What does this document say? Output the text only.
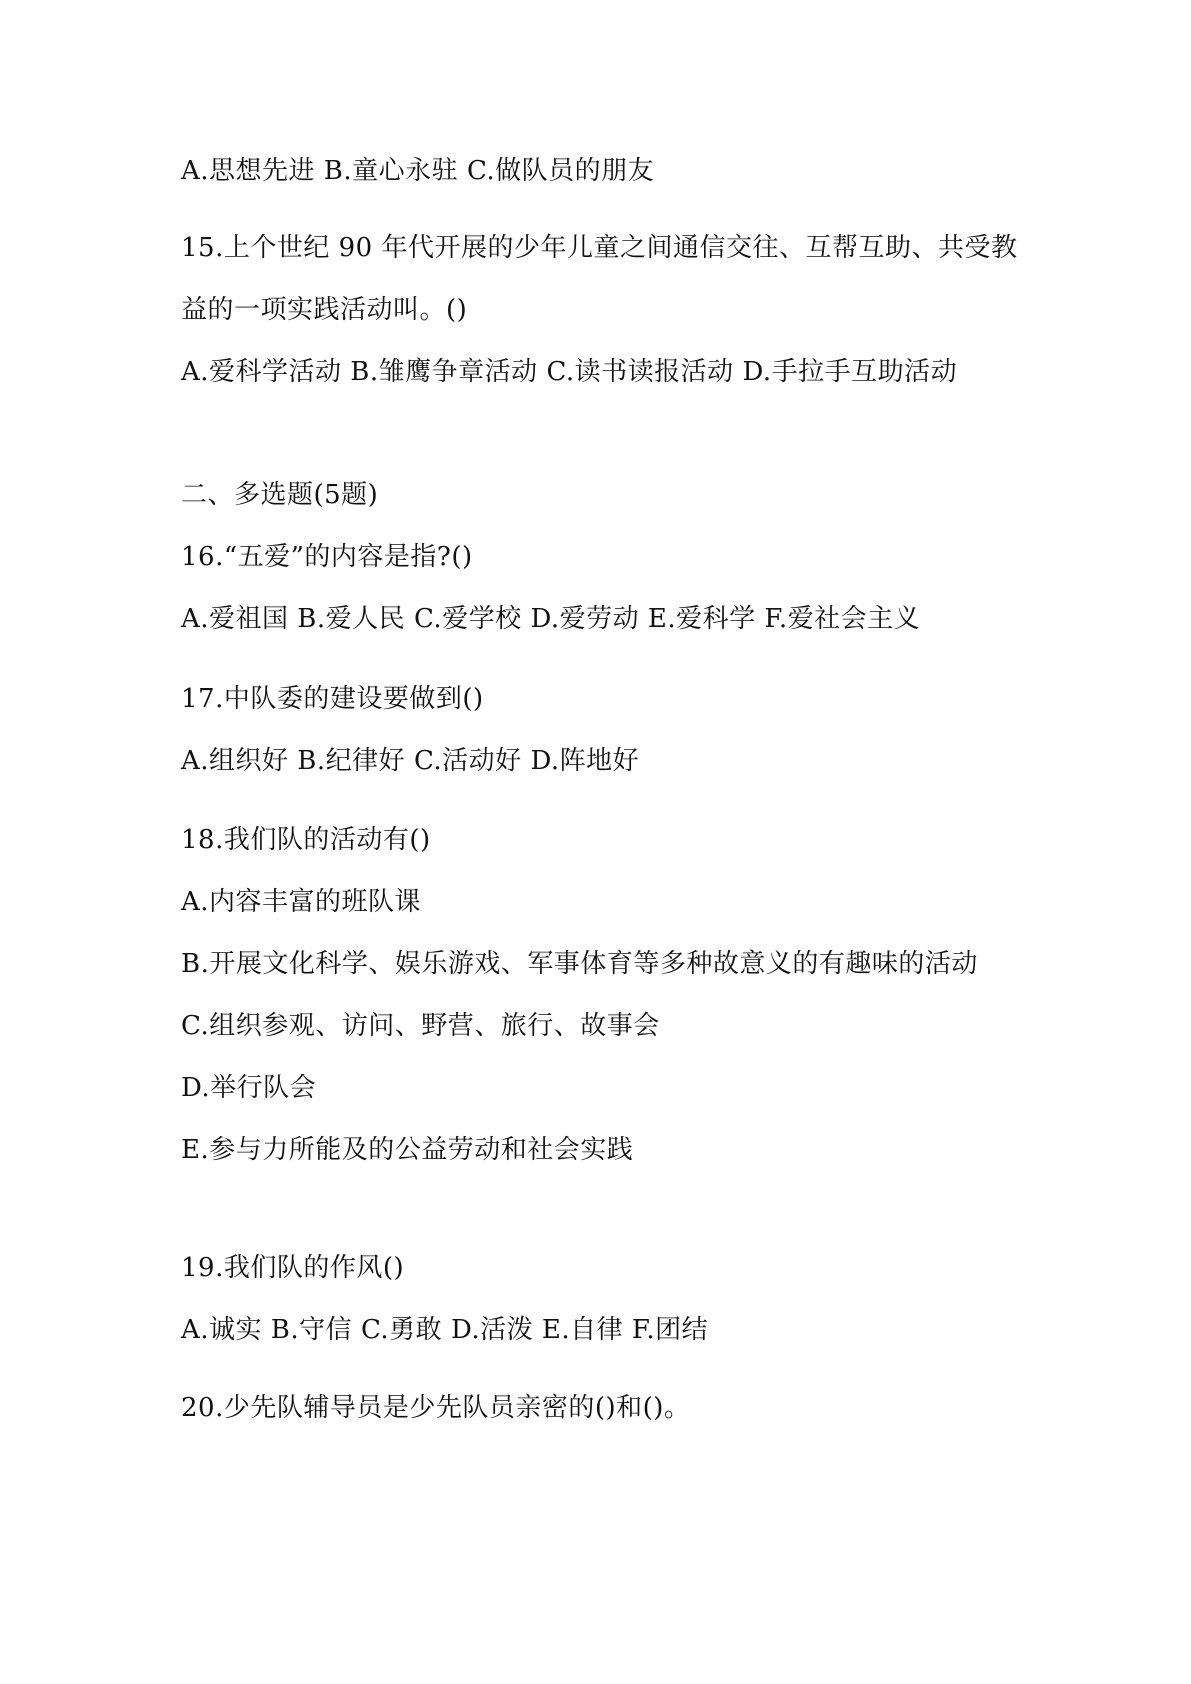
A.思想先进 B.童心永驻 C.做队员的朋友
15.上个世纪 90 年代开展的少年儿童之间通信交往、互帮互助、共受教
益的一项实践活动叫。()
A.爱科学活动 B.雏鹰争章活动 C.读书读报活动 D.手拉手互助活动
二、多选题(5题)
16.“五爱”的内容是指?()
A.爱祖国 B.爱人民 C.爱学校 D.爱劳动 E.爱科学 F.爱社会主义
17.中队委的建设要做到()
A.组织好 B.纪律好 C.活动好 D.阵地好
18.我们队的活动有()
A.内容丰富的班队课
B.开展文化科学、娱乐游戏、军事体育等多种故意义的有趣味的活动
C.组织参观、访问、野营、旅行、故事会
D.举行队会
E.参与力所能及的公益劳动和社会实践
19.我们队的作风()
A.诚实 B.守信 C.勇敢 D.活泼 E.自律 F.团结
20.少先队辅导员是少先队员亲密的()和()。
